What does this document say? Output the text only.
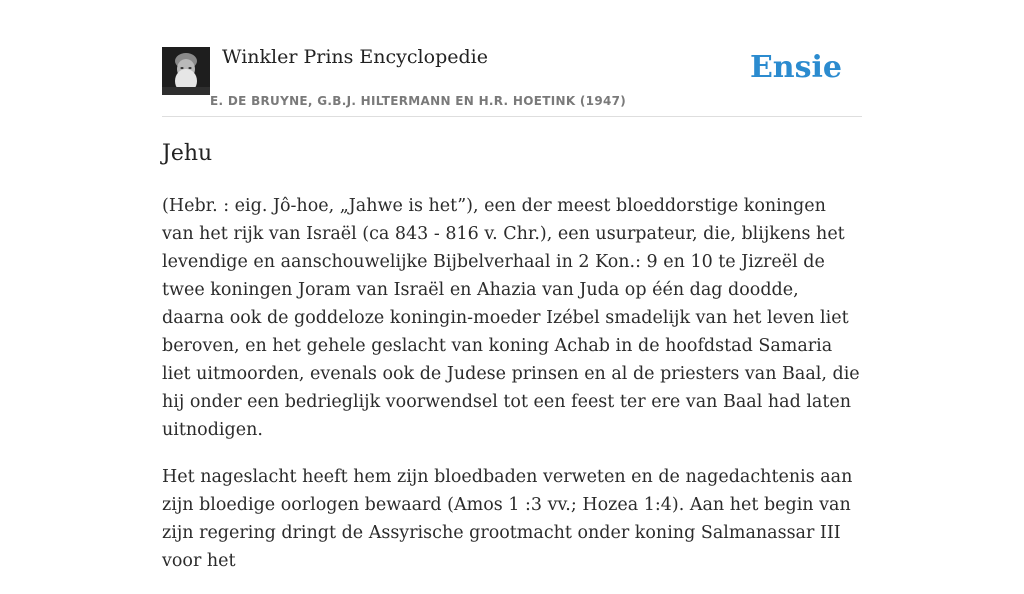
Winkler Prins Encyclopedie
E. DE BRUYNE, G.B.J. HILTERMANN EN H.R. HOETINK (1947)
Ensie
Jehu

(Hebr. : eig. Jô-hoe, „Jahwe is het”), een der meest bloeddorstige koningen van het rijk van Israël (ca 843 - 816 v. Chr.), een usurpateur, die, blijkens het levendige en aanschouwelijke Bijbelverhaal in 2 Kon.: 9 en 10 te Jizreël de twee koningen Joram van Israël en Ahazia van Juda op één dag doodde, daarna ook de goddeloze koningin-moeder Izébel smadelijk van het leven liet beroven, en het gehele geslacht van koning Achab in de hoofdstad Samaria liet uitmoorden, evenals ook de Judese prinsen en al de priesters van Baal, die hij onder een bedrieglijk voorwendsel tot een feest ter ere van Baal had laten uitnodigen.

Het nageslacht heeft hem zijn bloedbaden verweten en de nagedachtenis aan zijn bloedige oorlogen bewaard (Amos 1 :3 vv.; Hozea 1:4). Aan het begin van zijn regering dringt de Assyrische grootmacht onder koning Salmanassar III voor het
